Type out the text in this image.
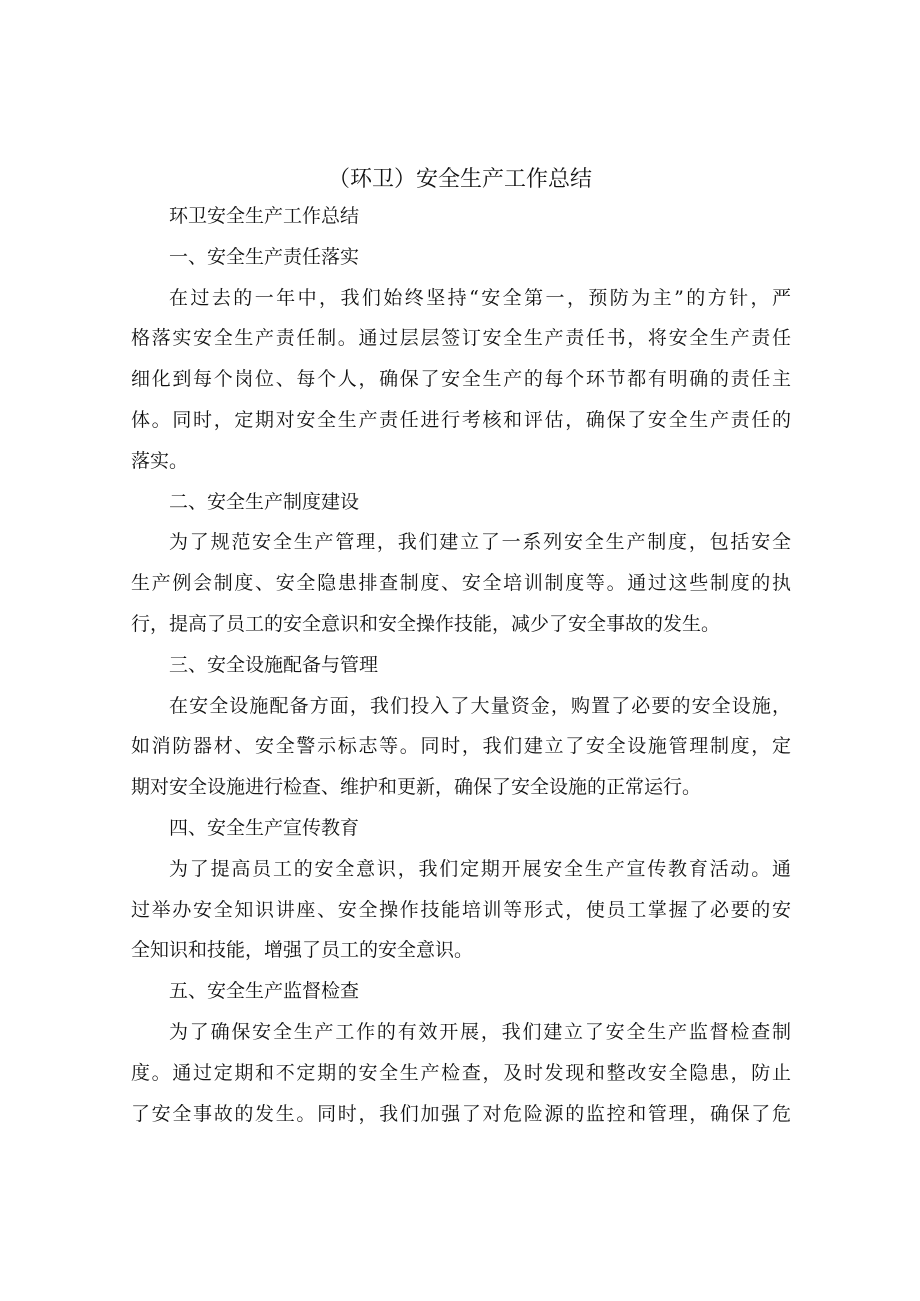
（环卫）安全生产工作总结

环卫安全生产工作总结

一、安全生产责任落实

在过去的一年中，我们始终坚持“安全第一，预防为主”的方针，严

格落实安全生产责任制。通过层层签订安全生产责任书，将安全生产责任

细化到每个岗位、每个人，确保了安全生产的每个环节都有明确的责任主

体。同时，定期对安全生产责任进行考核和评估，确保了安全生产责任的

落实。

二、安全生产制度建设

为了规范安全生产管理，我们建立了一系列安全生产制度，包括安全

生产例会制度、安全隐患排查制度、安全培训制度等。通过这些制度的执

行，提高了员工的安全意识和安全操作技能，减少了安全事故的发生。

三、安全设施配备与管理

在安全设施配备方面，我们投入了大量资金，购置了必要的安全设施，

如消防器材、安全警示标志等。同时，我们建立了安全设施管理制度，定

期对安全设施进行检查、维护和更新，确保了安全设施的正常运行。

四、安全生产宣传教育

为了提高员工的安全意识，我们定期开展安全生产宣传教育活动。通

过举办安全知识讲座、安全操作技能培训等形式，使员工掌握了必要的安

全知识和技能，增强了员工的安全意识。

五、安全生产监督检查

为了确保安全生产工作的有效开展，我们建立了安全生产监督检查制

度。通过定期和不定期的安全生产检查，及时发现和整改安全隐患，防止

了安全事故的发生。同时，我们加强了对危险源的监控和管理，确保了危
